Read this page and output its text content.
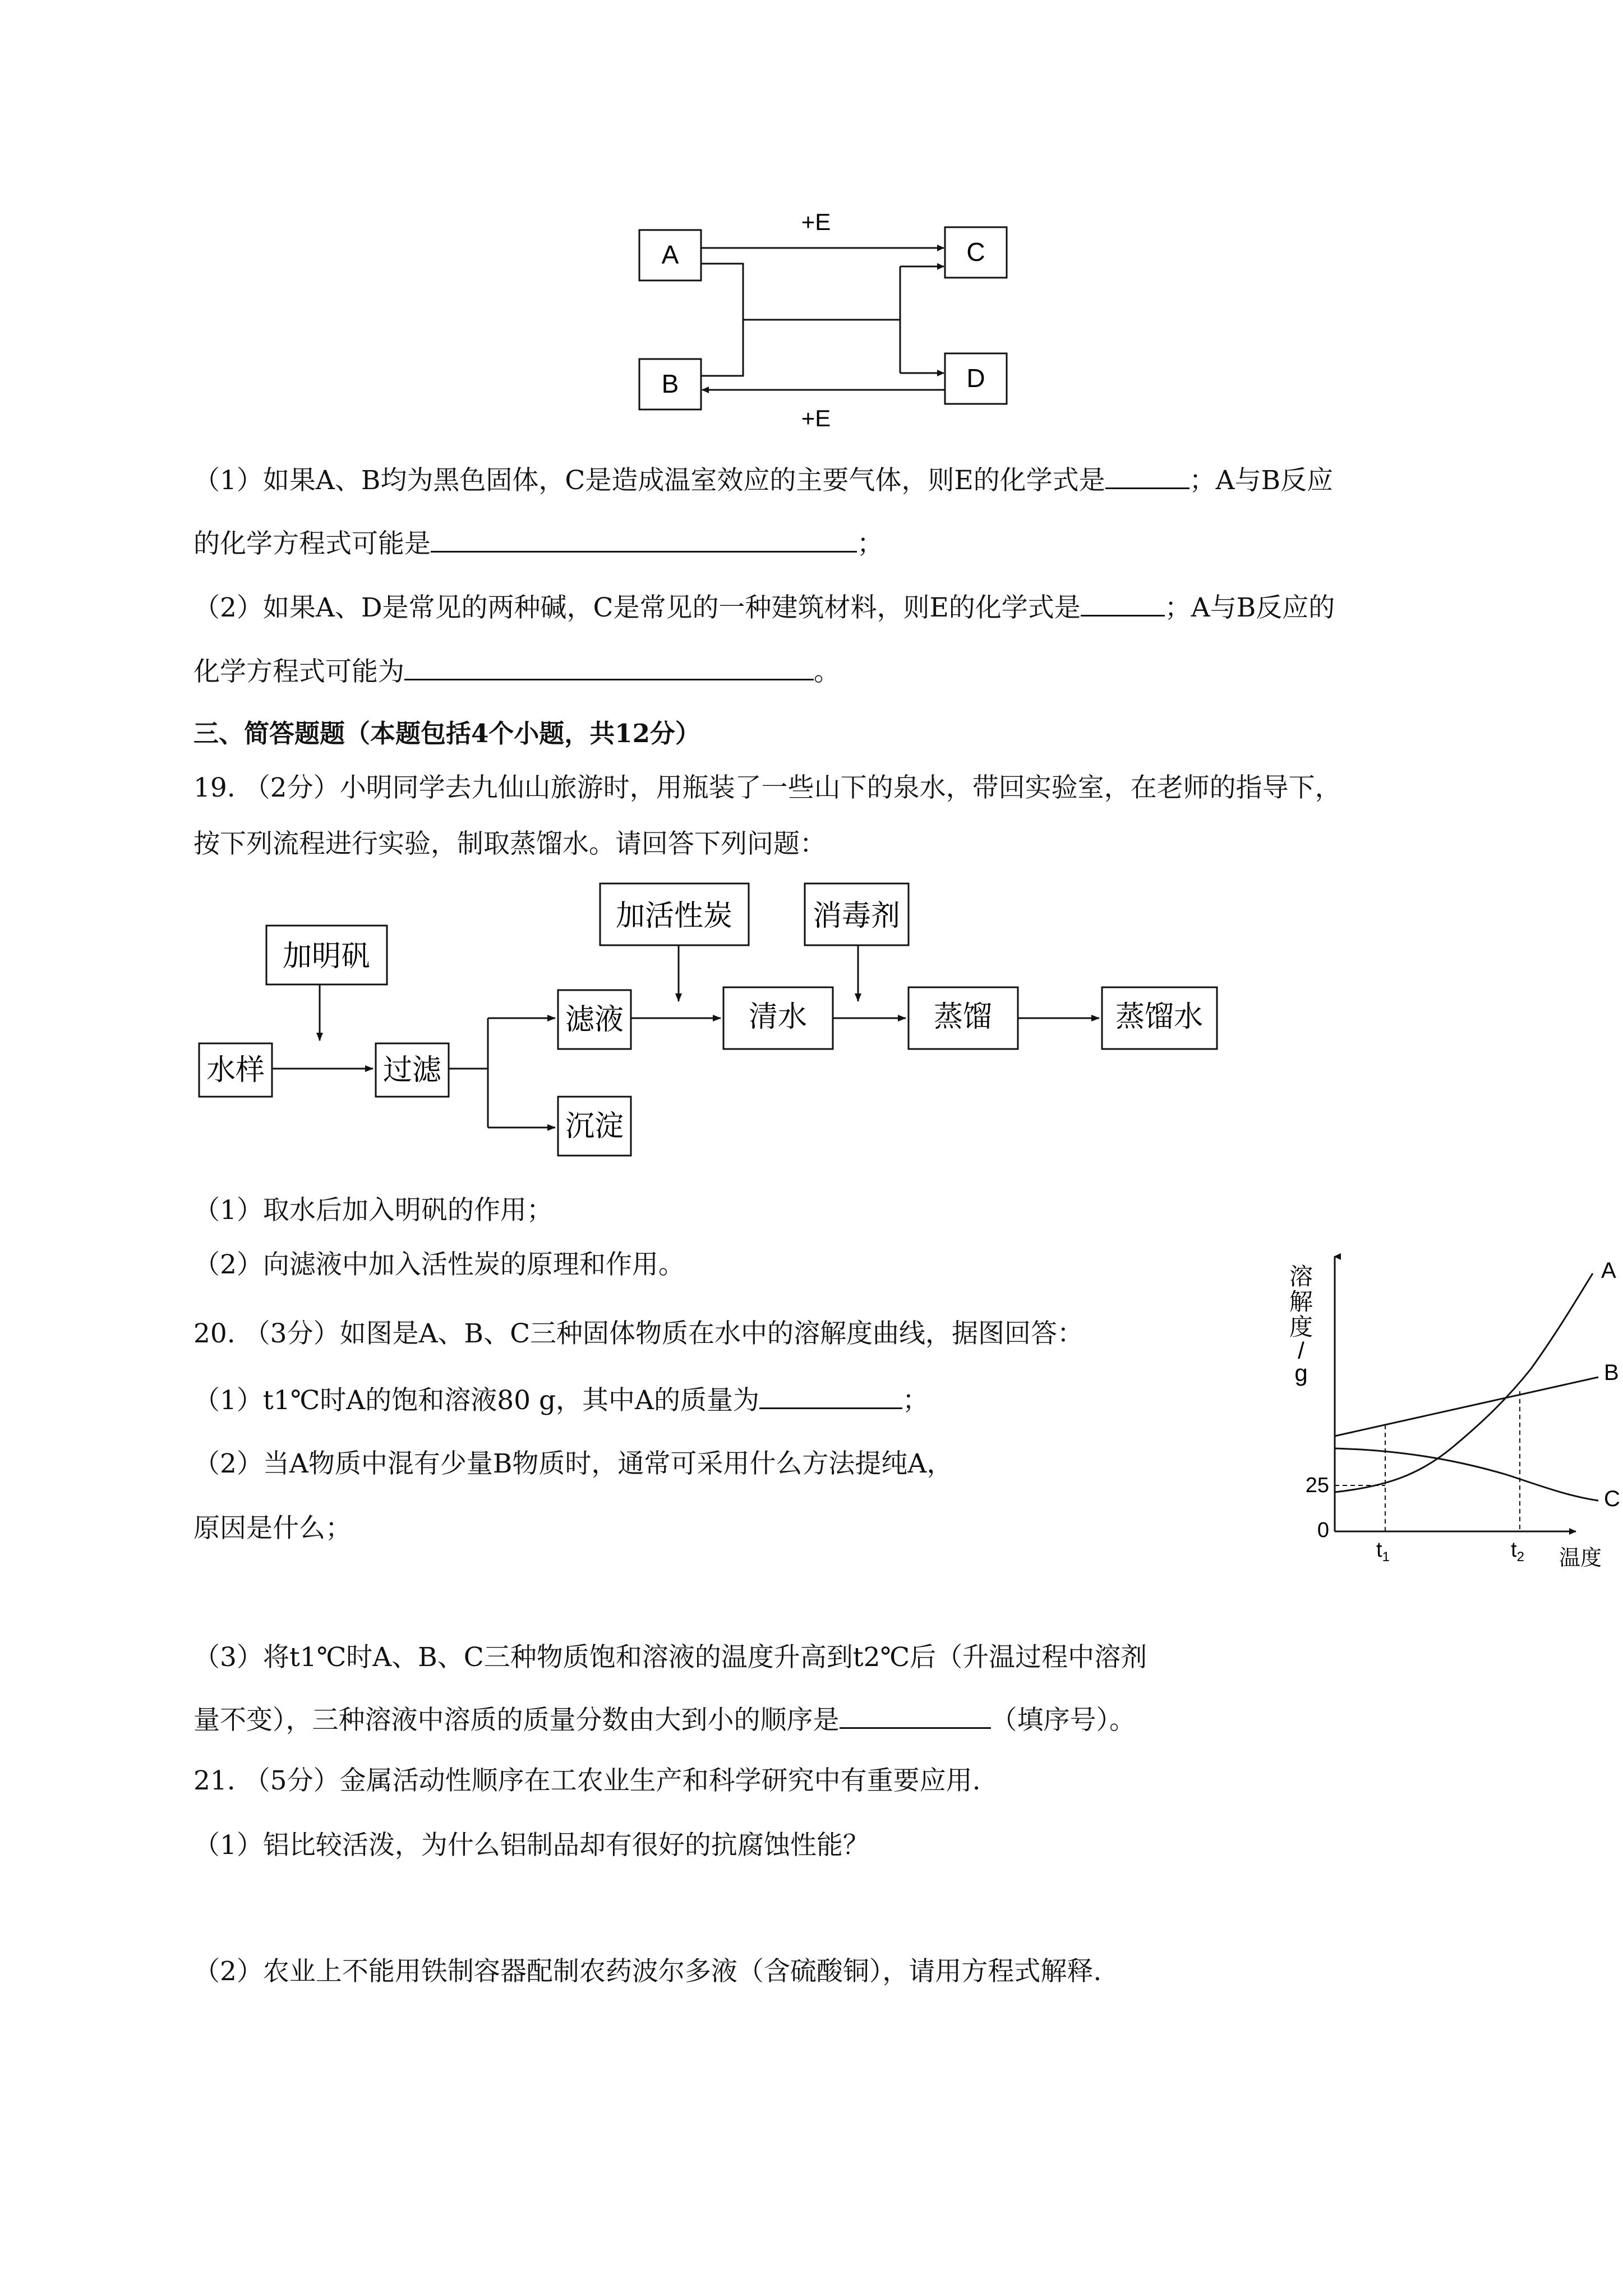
A	C
B	D
+E
+E
（1）如果A、B均为黑色固体，C是造成温室效应的主要气体，则E的化学式是	；A与B反应
的化学方程式可能是	；
（2）如果A、D是常见的两种碱，C是常见的一种建筑材料，则E的化学式是	；A与B反应的
化学方程式可能为	。
三、简答题题（本题包括4个小题，共12分）
19. （2分）小明同学去九仙山旅游时，用瓶装了一些山下的泉水，带回实验室，在老师的指导下，
按下列流程进行实验，制取蒸馏水。请回答下列问题：
水样
加明矾
过滤
滤液
沉淀
加活性炭
清水
消毒剂
蒸馏	蒸馏水
（1）取水后加入明矾的作用；
（2）向滤液中加入活性炭的原理和作用。
20. （3分）如图是A、B、C三种固体物质在水中的溶解度曲线，据图回答：
（1）t1℃时A的饱和溶液80 g，其中A的质量为	；
（2）当A物质中混有少量B物质时，通常可采用什么方法提纯A，
原因是什么；
（3）将t1℃时A、B、C三种物质饱和溶液的温度升高到t2℃后（升温过程中溶剂
量不变），三种溶液中溶质的质量分数由大到小的顺序是	（填序号）。
溶
解
度
/
g
25
0
$t_1$	$t_2$ 温度
A
B
C
21. （5分）金属活动性顺序在工农业生产和科学研究中有重要应用.
（1）铝比较活泼，为什么铝制品却有很好的抗腐蚀性能？
（2）农业上不能用铁制容器配制农药波尔多液（含硫酸铜），请用方程式解释.
